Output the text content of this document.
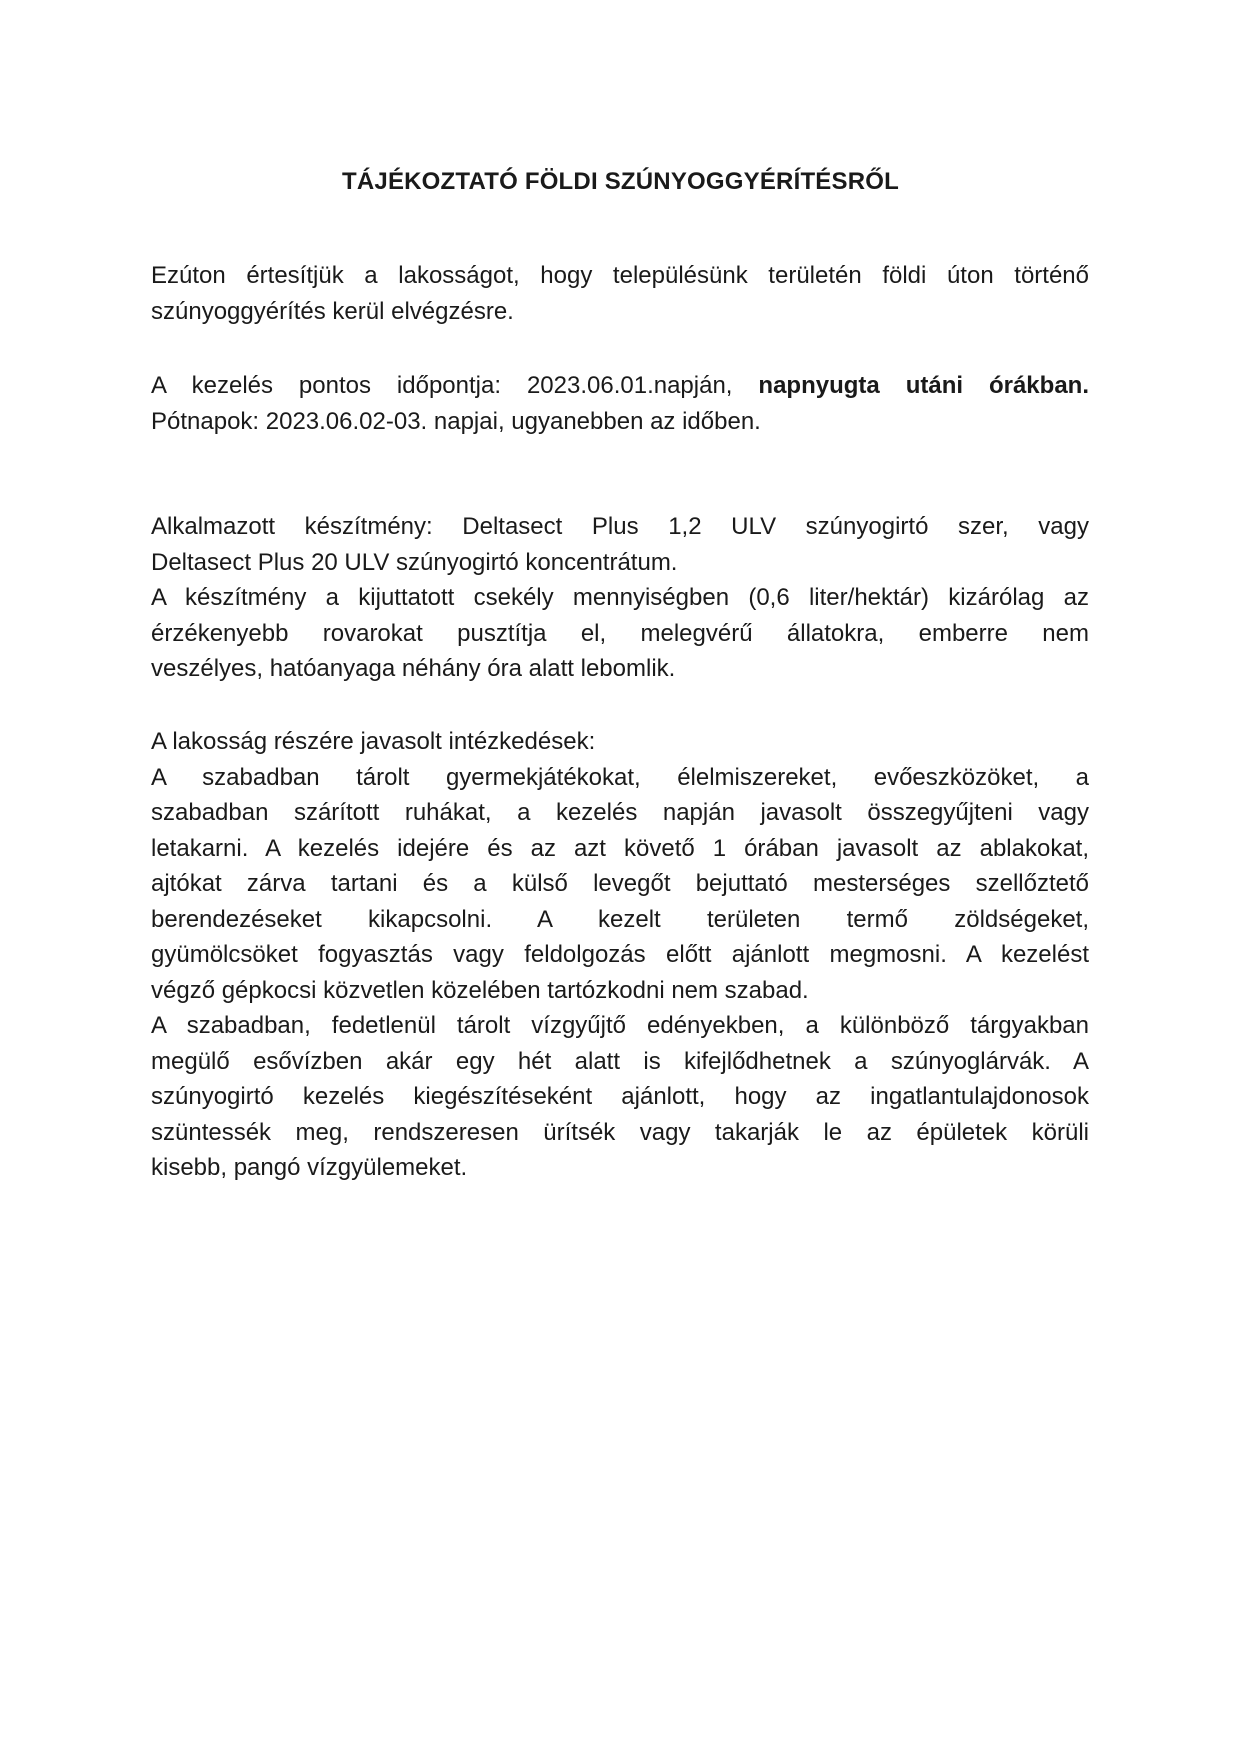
TÁJÉKOZTATÓ FÖLDI SZÚNYOGGYÉRÍTÉSRŐL
Ezúton értesítjük a lakosságot, hogy településünk területén földi úton történő
szúnyoggyérítés kerül elvégzésre.
A kezelés pontos időpontja: 2023.06.01.napján, napnyugta utáni órákban.
Pótnapok: 2023.06.02-03. napjai, ugyanebben az időben.
Alkalmazott készítmény: Deltasect Plus 1,2 ULV szúnyogirtó szer, vagy
Deltasect Plus 20 ULV szúnyogirtó koncentrátum.
A készítmény a kijuttatott csekély mennyiségben (0,6 liter/hektár) kizárólag az
érzékenyebb rovarokat pusztítja el, melegvérű állatokra, emberre nem
veszélyes, hatóanyaga néhány óra alatt lebomlik.
A lakosság részére javasolt intézkedések:
A szabadban tárolt gyermekjátékokat, élelmiszereket, evőeszközöket, a
szabadban szárított ruhákat, a kezelés napján javasolt összegyűjteni vagy
letakarni. A kezelés idejére és az azt követő 1 órában javasolt az ablakokat,
ajtókat zárva tartani és a külső levegőt bejuttató mesterséges szellőztető
berendezéseket kikapcsolni. A kezelt területen termő zöldségeket,
gyümölcsöket fogyasztás vagy feldolgozás előtt ajánlott megmosni. A kezelést
végző gépkocsi közvetlen közelében tartózkodni nem szabad.
A szabadban, fedetlenül tárolt vízgyűjtő edényekben, a különböző tárgyakban
megülő esővízben akár egy hét alatt is kifejlődhetnek a szúnyoglárvák. A
szúnyogirtó kezelés kiegészítéseként ajánlott, hogy az ingatlantulajdonosok
szüntessék meg, rendszeresen ürítsék vagy takarják le az épületek körüli
kisebb, pangó vízgyülemeket.
